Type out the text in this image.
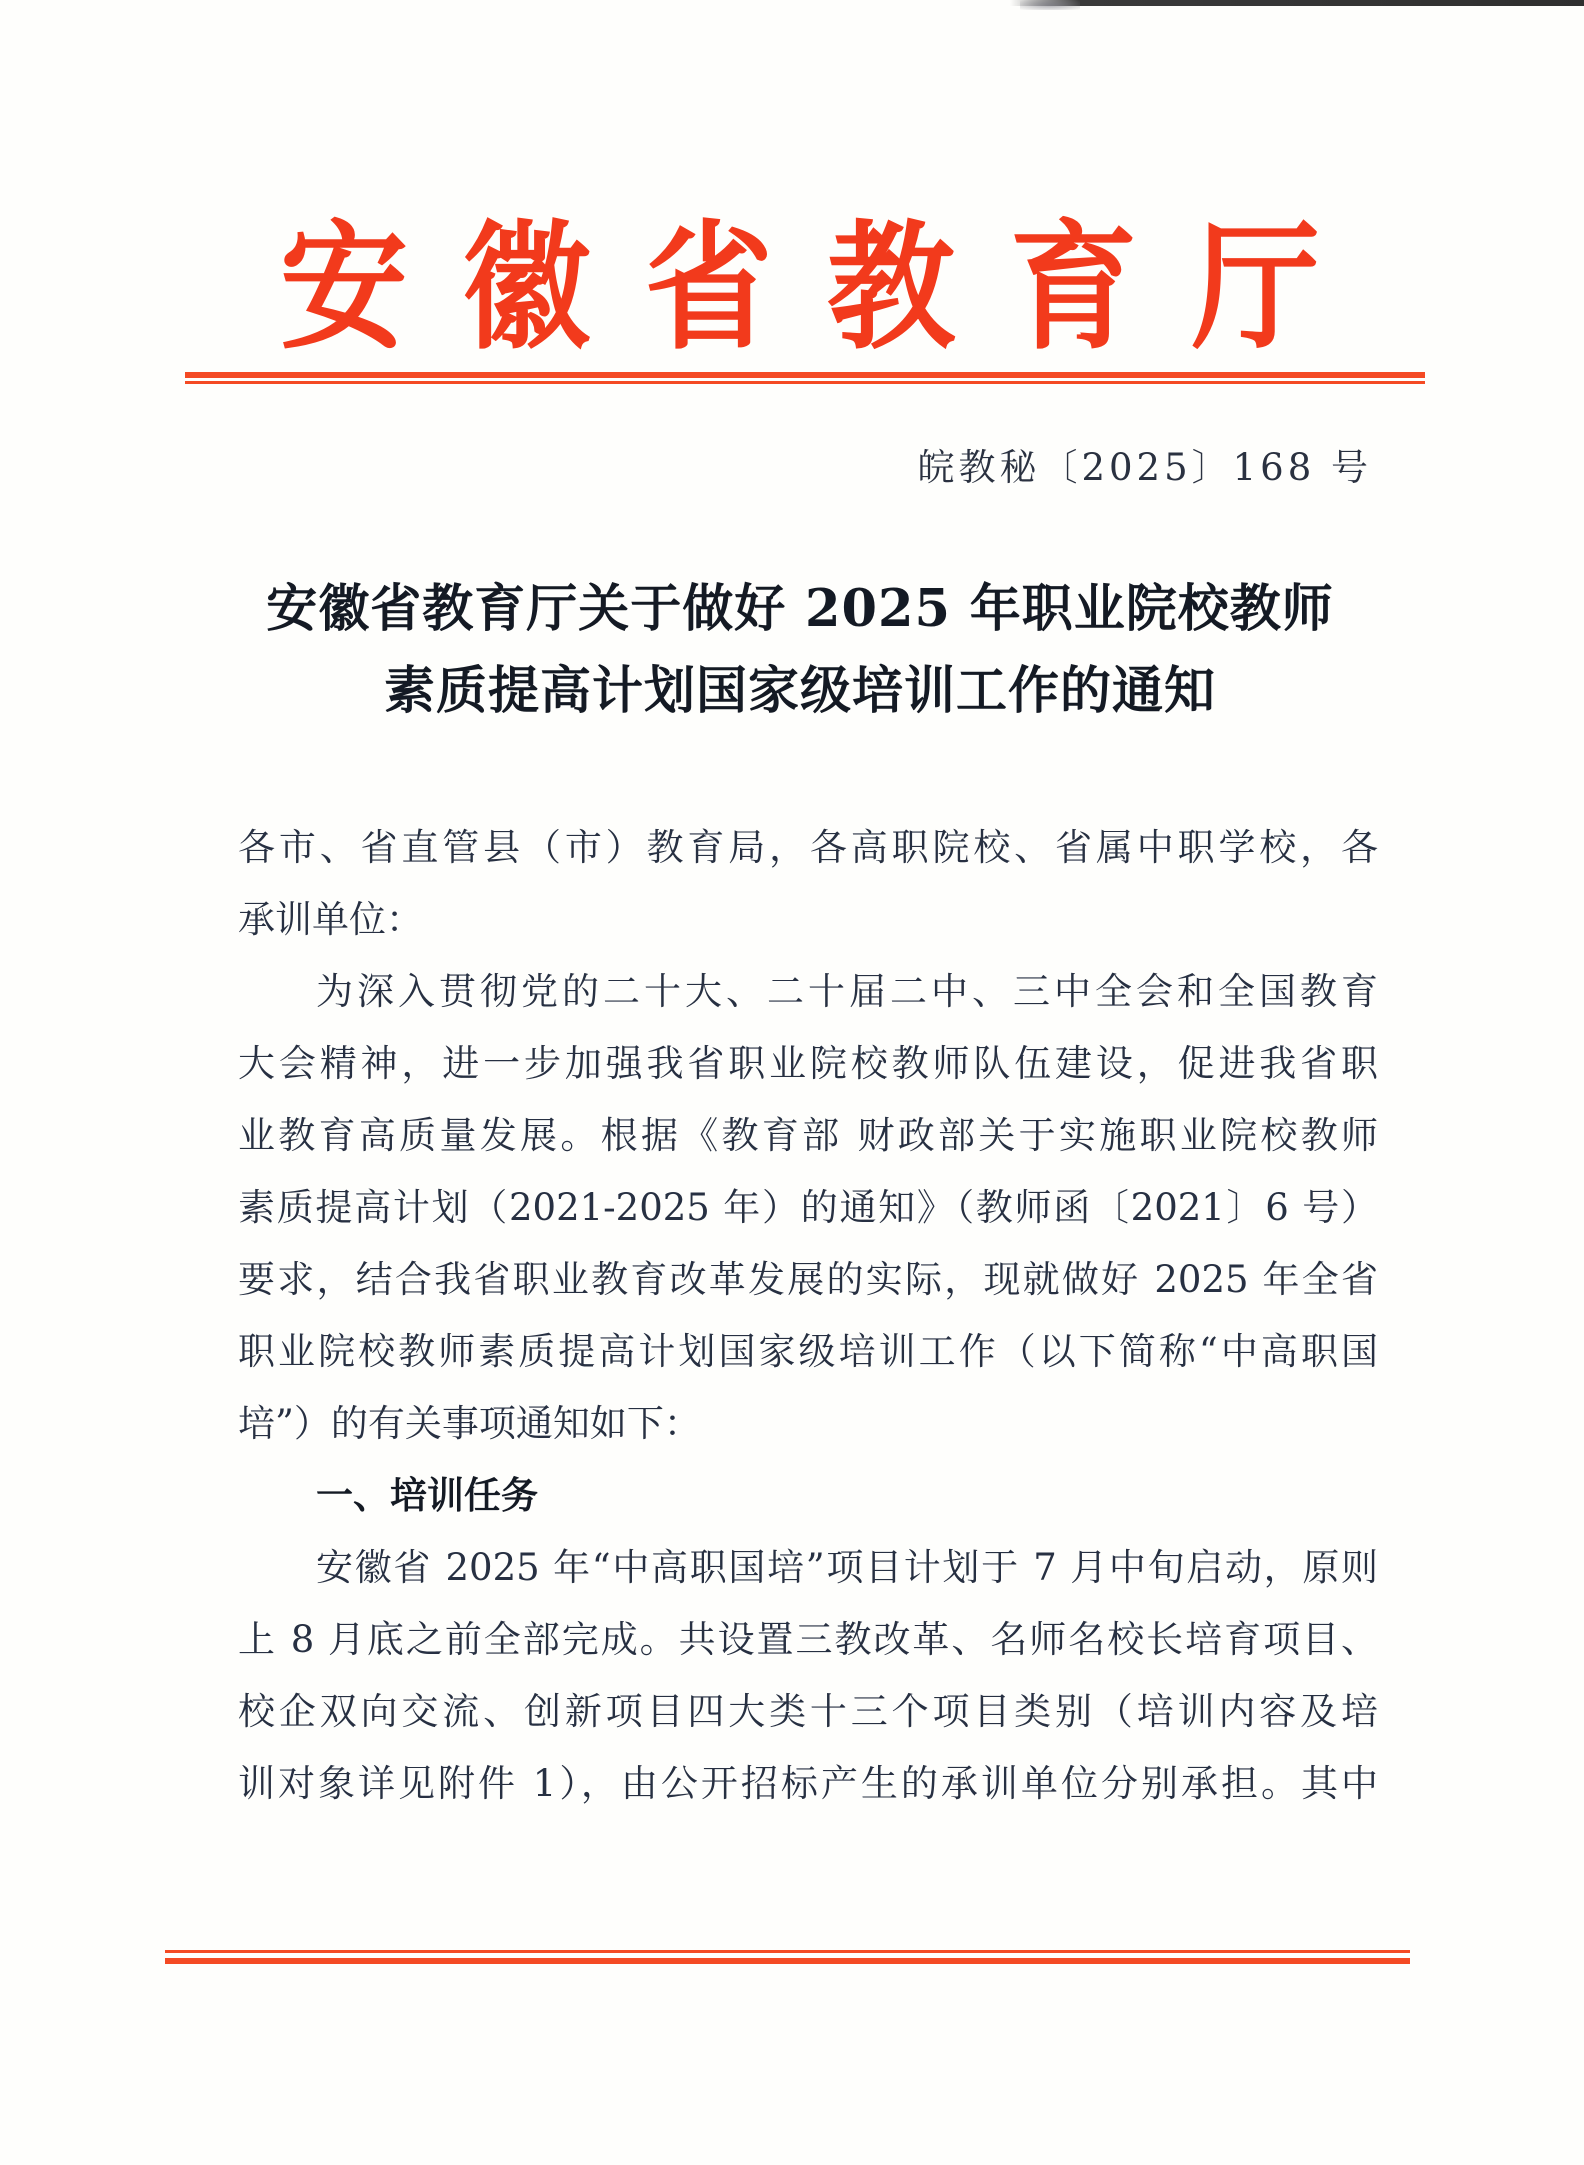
安 徽 省 教 育 厅
皖教秘〔2025〕168 号
安徽省教育厅关于做好 2025 年职业院校教师
素质提高计划国家级培训工作的通知
各市、省直管县（市）教育局，各高职院校、省属中职学校，各
承训单位：
为深入贯彻党的二十大、二十届二中、三中全会和全国教育
大会精神，进一步加强我省职业院校教师队伍建设，促进我省职
业教育高质量发展。根据《教育部 财政部关于实施职业院校教师
素质提高计划（2021-2025 年）的通知》（教师函〔2021〕6 号）
要求，结合我省职业教育改革发展的实际，现就做好 2025 年全省
职业院校教师素质提高计划国家级培训工作（以下简称“中高职国
培”）的有关事项通知如下：
一、培训任务
安徽省 2025 年“中高职国培”项目计划于 7 月中旬启动，原则
上 8 月底之前全部完成。共设置三教改革、名师名校长培育项目、
校企双向交流、创新项目四大类十三个项目类别（培训内容及培
训对象详见附件 1），由公开招标产生的承训单位分别承担。其中
